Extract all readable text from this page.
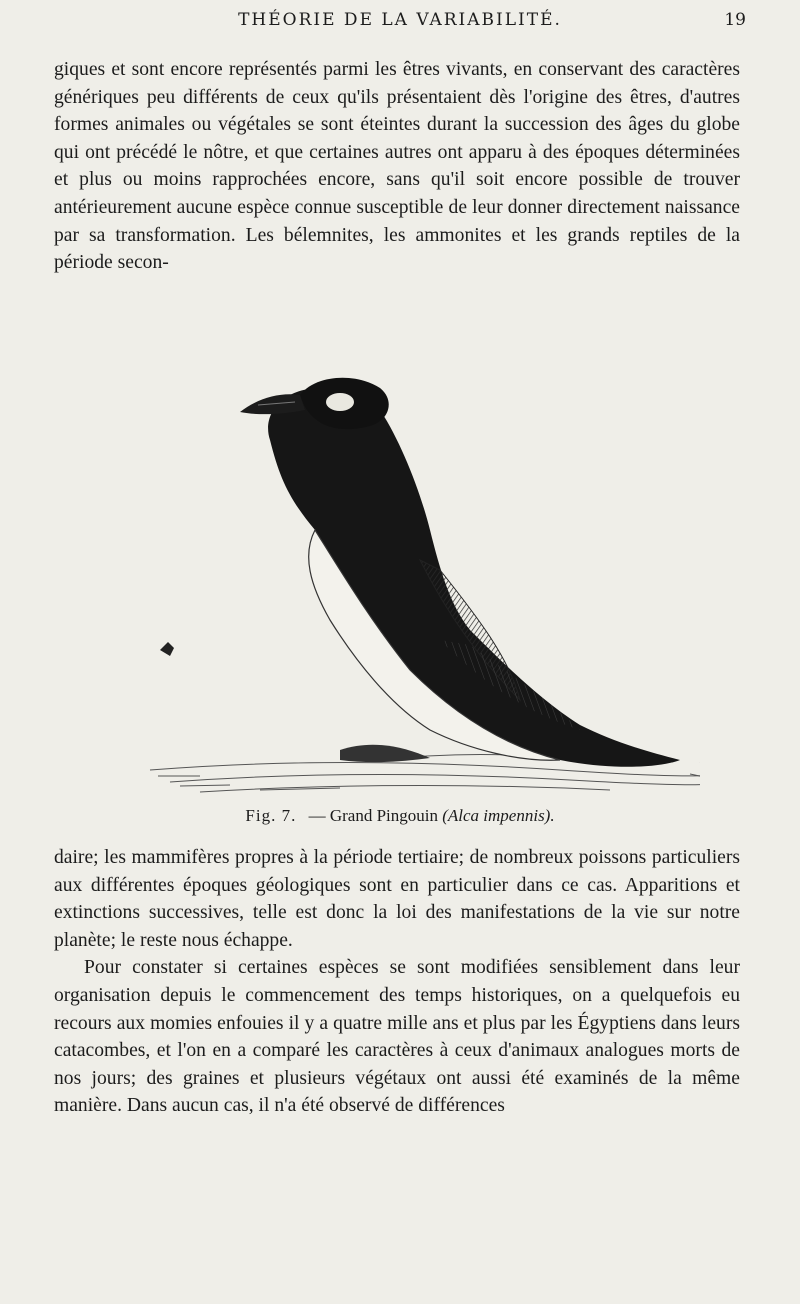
THÉORIE DE LA VARIABILITÉ.	19

giques et sont encore représentés parmi les êtres vivants, en conservant des caractères génériques peu différents de ceux qu'ils présentaient dès l'origine des êtres, d'autres formes animales ou végétales se sont éteintes durant la succession des âges du globe qui ont précédé le nôtre, et que certaines autres ont apparu à des époques déterminées et plus ou moins rapprochées encore, sans qu'il soit encore possible de trouver antérieurement aucune espèce connue susceptible de leur donner directement naissance par sa transformation. Les bélemnites, les ammonites et les grands reptiles de la période secon-

Fig. 7. — Grand Pingouin (Alca impennis).

daire; les mammifères propres à la période tertiaire; de nombreux poissons particuliers aux différentes époques géologiques sont en particulier dans ce cas. Apparitions et extinctions successives, telle est donc la loi des manifestations de la vie sur notre planète; le reste nous échappe.

Pour constater si certaines espèces se sont modifiées sensiblement dans leur organisation depuis le commencement des temps historiques, on a quelquefois eu recours aux momies enfouies il y a quatre mille ans et plus par les Égyptiens dans leurs catacombes, et l'on en a comparé les caractères à ceux d'animaux analogues morts de nos jours; des graines et plusieurs végétaux ont aussi été examinés de la même manière. Dans aucun cas, il n'a été observé de différences
